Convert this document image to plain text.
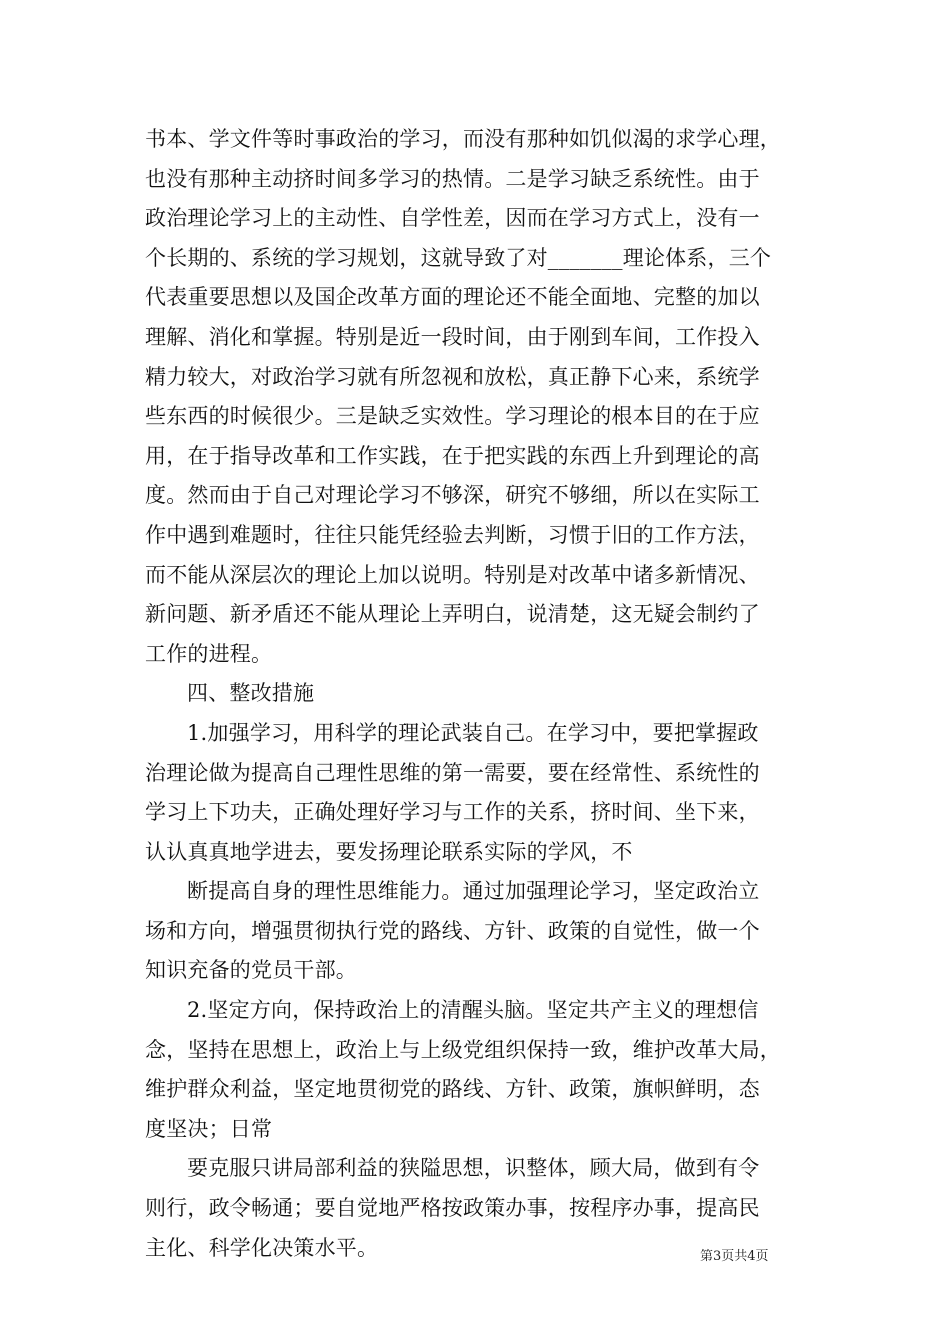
书本、学文件等时事政治的学习，而没有那种如饥似渴的求学心理，
也没有那种主动挤时间多学习的热情。二是学习缺乏系统性。由于
政治理论学习上的主动性、自学性差，因而在学习方式上，没有一
个长期的、系统的学习规划，这就导致了对_______理论体系，三个
代表重要思想以及国企改革方面的理论还不能全面地、完整的加以
理解、消化和掌握。特别是近一段时间，由于刚到车间，工作投入
精力较大，对政治学习就有所忽视和放松，真正静下心来，系统学
些东西的时候很少。三是缺乏实效性。学习理论的根本目的在于应
用，在于指导改革和工作实践，在于把实践的东西上升到理论的高
度。然而由于自己对理论学习不够深，研究不够细，所以在实际工
作中遇到难题时，往往只能凭经验去判断，习惯于旧的工作方法，
而不能从深层次的理论上加以说明。特别是对改革中诸多新情况、
新问题、新矛盾还不能从理论上弄明白，说清楚，这无疑会制约了
工作的进程。
四、整改措施
1.加强学习，用科学的理论武装自己。在学习中，要把掌握政
治理论做为提高自己理性思维的第一需要，要在经常性、系统性的
学习上下功夫，正确处理好学习与工作的关系，挤时间、坐下来，
认认真真地学进去，要发扬理论联系实际的学风，不
断提高自身的理性思维能力。通过加强理论学习，坚定政治立
场和方向，增强贯彻执行党的路线、方针、政策的自觉性，做一个
知识充备的党员干部。
2.坚定方向，保持政治上的清醒头脑。坚定共产主义的理想信
念，坚持在思想上，政治上与上级党组织保持一致，维护改革大局，
维护群众利益，坚定地贯彻党的路线、方针、政策，旗帜鲜明，态
度坚决；日常
要克服只讲局部利益的狭隘思想，识整体，顾大局，做到有令
则行，政令畅通；要自觉地严格按政策办事，按程序办事，提高民
主化、科学化决策水平。	第3页共4页
